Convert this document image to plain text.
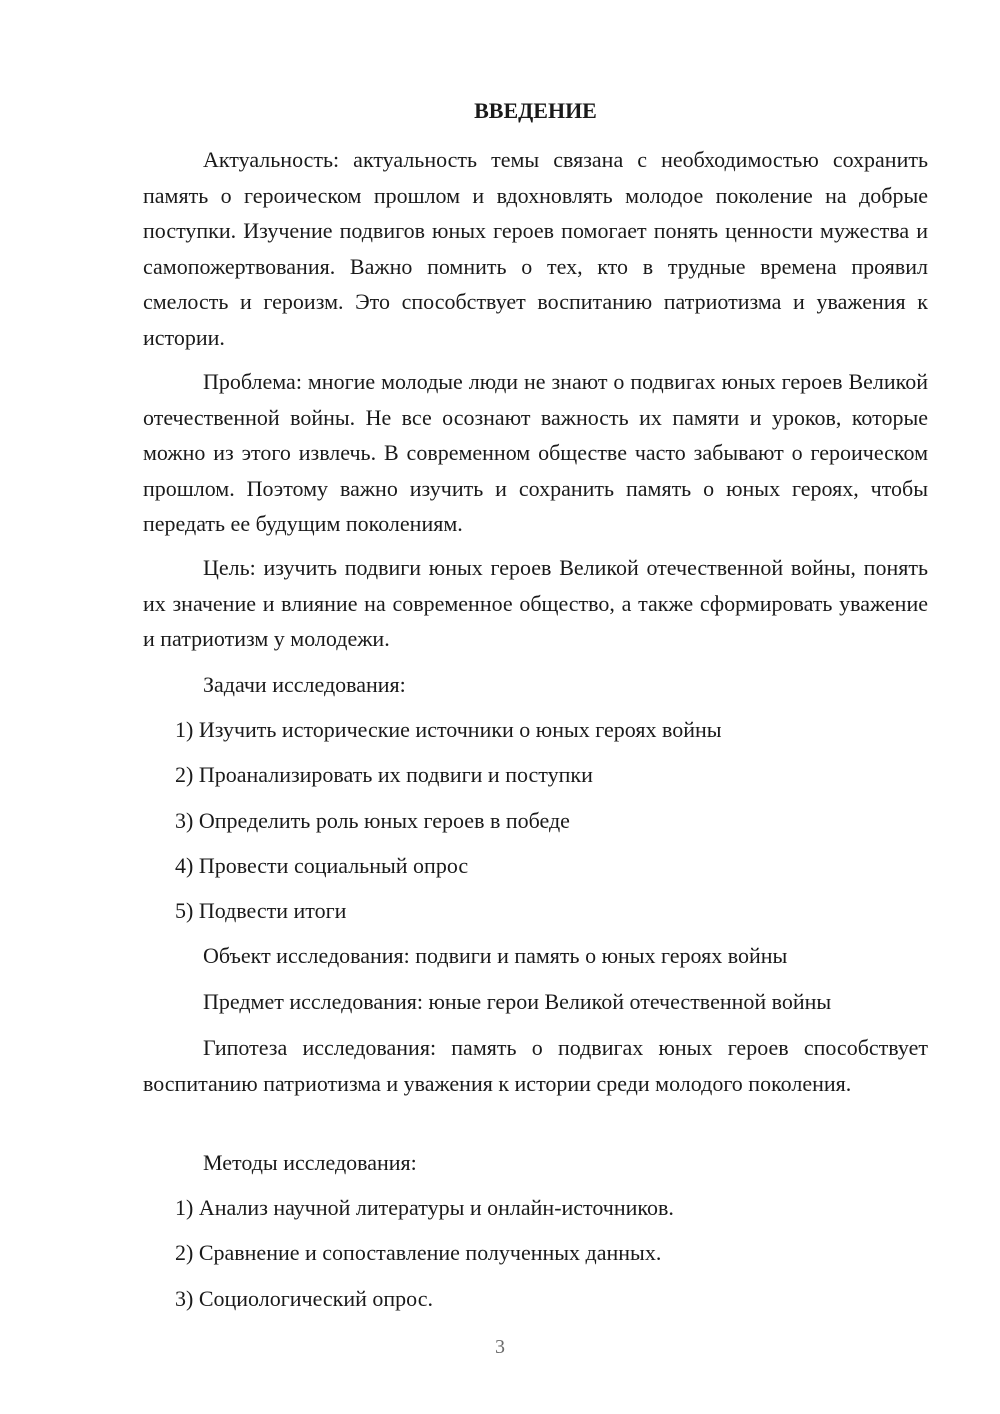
ВВЕДЕНИЕ

Актуальность: актуальность темы связана с необходимостью сохранить память о героическом прошлом и вдохновлять молодое поколение на добрые поступки. Изучение подвигов юных героев помогает понять ценности мужества и самопожертвования. Важно помнить о тех, кто в трудные времена проявил смелость и героизм. Это способствует воспитанию патриотизма и уважения к истории.

Проблема: многие молодые люди не знают о подвигах юных героев Великой отечественной войны. Не все осознают важность их памяти и уроков, которые можно из этого извлечь. В современном обществе часто забывают о героическом прошлом. Поэтому важно изучить и сохранить память о юных героях, чтобы передать ее будущим поколениям.

Цель: изучить подвиги юных героев Великой отечественной войны, понять их значение и влияние на современное общество, а также сформировать уважение и патриотизм у молодежи.

Задачи исследования:

1) Изучить исторические источники о юных героях войны

2) Проанализировать их подвиги и поступки

3) Определить роль юных героев в победе

4) Провести социальный опрос

5) Подвести итоги

Объект исследования: подвиги и память о юных героях войны

Предмет исследования: юные герои Великой отечественной войны

Гипотеза исследования: память о подвигах юных героев способствует воспитанию патриотизма и уважения к истории среди молодого поколения.

Методы исследования:

1) Анализ научной литературы и онлайн-источников.

2) Сравнение и сопоставление полученных данных.

3) Социологический опрос.

3
